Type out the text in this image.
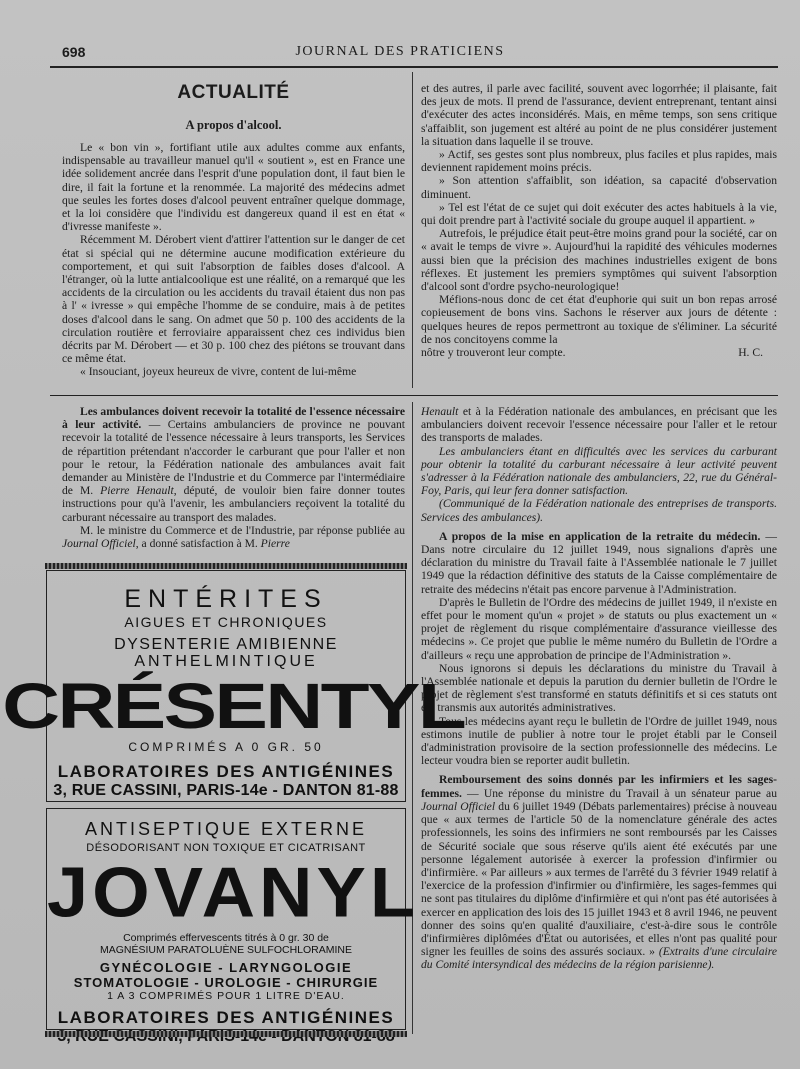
698	JOURNAL DES PRATICIENS
ACTUALITÉ
A propos d'alcool.

Le « bon vin », fortifiant utile aux adultes comme aux enfants, indispensable au travailleur manuel qu'il « soutient », est en France une idée solidement ancrée dans l'esprit d'une population dont, il faut bien le dire, il fait la fortune et la renommée. La majorité des médecins admet que seules les fortes doses d'alcool peuvent entraîner quelque dommage, et la loi considère que l'individu est dangereux quand il est en état « d'ivresse manifeste ».

Récemment M. Dérobert vient d'attirer l'attention sur le danger de cet état si spécial qui ne détermine aucune modification extérieure du comportement, et qui suit l'absorption de faibles doses d'alcool. A l'étranger, où la lutte antialcoolique est une réalité, on a remarqué que les accidents de la circulation ou les accidents du travail étaient dus non pas à l' « ivresse » qui empêche l'homme de se conduire, mais à de petites doses d'alcool dans le sang. On admet que 50 p. 100 des accidents de la circulation routière et ferroviaire apparaissent chez ces individus bien décrits par M. Dérobert — et 30 p. 100 chez des piétons se trouvant dans ce même état.

« Insouciant, joyeux heureux de vivre, content de lui-même

et des autres, il parle avec facilité, souvent avec logorrhée; il plaisante, fait des jeux de mots. Il prend de l'assurance, devient entreprenant, tentant ainsi d'exécuter des actes inconsidérés. Mais, en même temps, son sens critique s'affaiblit, son jugement est altéré au point de ne plus considérer justement la situation dans laquelle il se trouve.

» Actif, ses gestes sont plus nombreux, plus faciles et plus rapides, mais deviennent rapidement moins précis.

» Son attention s'affaiblit, son idéation, sa capacité d'observation diminuent.

» Tel est l'état de ce sujet qui doit exécuter des actes habituels à la vie, qui doit prendre part à l'activité sociale du groupe auquel il appartient. »

Autrefois, le préjudice était peut-être moins grand pour la société, car on « avait le temps de vivre ». Aujourd'hui la rapidité des véhicules modernes aussi bien que la précision des machines industrielles exigent de bons réflexes. Et justement les premiers symptômes qui suivent l'absorption d'alcool sont d'ordre psycho-neurologique!

Méfions-nous donc de cet état d'euphorie qui suit un bon repas arrosé copieusement de bons vins. Sachons le réserver aux jours de détente : quelques heures de repos permettront au toxique de s'éliminer. La sécurité de nos concitoyens comme la

nôtre y trouveront leur compte.	H. C.

Les ambulances doivent recevoir la totalité de l'essence nécessaire à leur activité. — Certains ambulanciers de province ne pouvant recevoir la totalité de l'essence nécessaire à leurs transports, les Services de répartition prétendant n'accorder le carburant que pour l'aller et non pour le retour, la Fédération nationale des ambulances avait fait demander au Ministère de l'Industrie et du Commerce par l'intermédiaire de M. Pierre Henault, député, de vouloir bien faire donner toutes instructions pour qu'à l'avenir, les ambulanciers reçoivent la totalité du carburant nécessaire au transport des malades.

M. le ministre du Commerce et de l'Industrie, par réponse publiée au Journal Officiel, a donné satisfaction à M. Pierre

Henault et à la Fédération nationale des ambulances, en précisant que les ambulanciers doivent recevoir l'essence nécessaire pour l'aller et le retour des transports de malades.

Les ambulanciers étant en difficultés avec les services du carburant pour obtenir la totalité du carburant nécessaire à leur activité peuvent s'adresser à la Fédération nationale des ambulanciers, 22, rue du Général-Foy, Paris, qui leur fera donner satisfaction.

(Communiqué de la Fédération nationale des entreprises de transports. Services des ambulances).

A propos de la mise en application de la retraite du médecin. — Dans notre circulaire du 12 juillet 1949, nous signalions d'après une déclaration du ministre du Travail faite à l'Assemblée nationale le 7 juillet 1949 que la rédaction définitive des statuts de la Caisse complémentaire de retraite des médecins n'était pas encore parvenue à l'Administration.

D'après le Bulletin de l'Ordre des médecins de juillet 1949, il n'existe en effet pour le moment qu'un « projet » de statuts ou plus exactement un « projet de règlement du risque complémentaire d'assurance vieillesse des médecins ». Ce projet que publie le même numéro du Bulletin de l'Ordre a d'ailleurs « reçu une approbation de principe de l'Administration ».

Nous ignorons si depuis les déclarations du ministre du Travail à l'Assemblée nationale et depuis la parution du dernier bulletin de l'Ordre le projet de règlement s'est transformé en statuts définitifs et si ces statuts ont été transmis aux autorités administratives.

Tous les médecins ayant reçu le bulletin de l'Ordre de juillet 1949, nous estimons inutile de publier à notre tour le projet établi par le Conseil d'administration provisoire de la section professionnelle des médecins. Le lecteur voudra bien se reporter audit bulletin.

Remboursement des soins donnés par les infirmiers et les sages-femmes. — Une réponse du ministre du Travail à un sénateur parue au Journal Officiel du 6 juillet 1949 (Débats parlementaires) précise à nouveau que « aux termes de l'article 50 de la nomenclature générale des actes professionnels, les soins des infirmiers ne sont remboursés par les Caisses de Sécurité sociale que sous réserve qu'ils aient été exécutés par une personne légalement autorisée à exercer la profession d'infirmier ou d'infirmière. « Par ailleurs » aux termes de l'arrêté du 3 février 1949 relatif à l'exercice de la profession d'infirmier ou d'infirmière, les sages-femmes qui ne sont pas titulaires du diplôme d'infirmière et qui n'ont pas été autorisées à exercer en application des lois des 15 juillet 1943 et 8 avril 1946, ne peuvent donner des soins qu'en qualité d'auxiliaire, c'est-à-dire sous le contrôle d'infirmières diplômées d'État ou autorisées, et elles n'ont pas qualité pour signer les feuilles de soins des assurés sociaux. » (Extraits d'une circulaire du Comité intersyndical des médecins de la région parisienne).

ENTÉRITES
AIGUES ET CHRONIQUES
DYSENTERIE AMIBIENNE
ANTHELMINTIQUE
CRÉSENTYL
COMPRIMÉS A 0 GR. 50
LABORATOIRES DES ANTIGÉNINES
3, RUE CASSINI, PARIS-14e - DANTON 81-88
ANTISEPTIQUE EXTERNE
DÉSODORISANT NON TOXIQUE ET CICATRISANT
JOVANYL
Comprimés effervescents titrés à 0 gr. 30 de
MAGNÉSIUM PARATOLUÈNE SULFOCHLORAMINE
GYNÉCOLOGIE - LARYNGOLOGIE
STOMATOLOGIE - UROLOGIE - CHIRURGIE
1 A 3 COMPRIMÉS POUR 1 LITRE D'EAU.
LABORATOIRES DES ANTIGÉNINES
